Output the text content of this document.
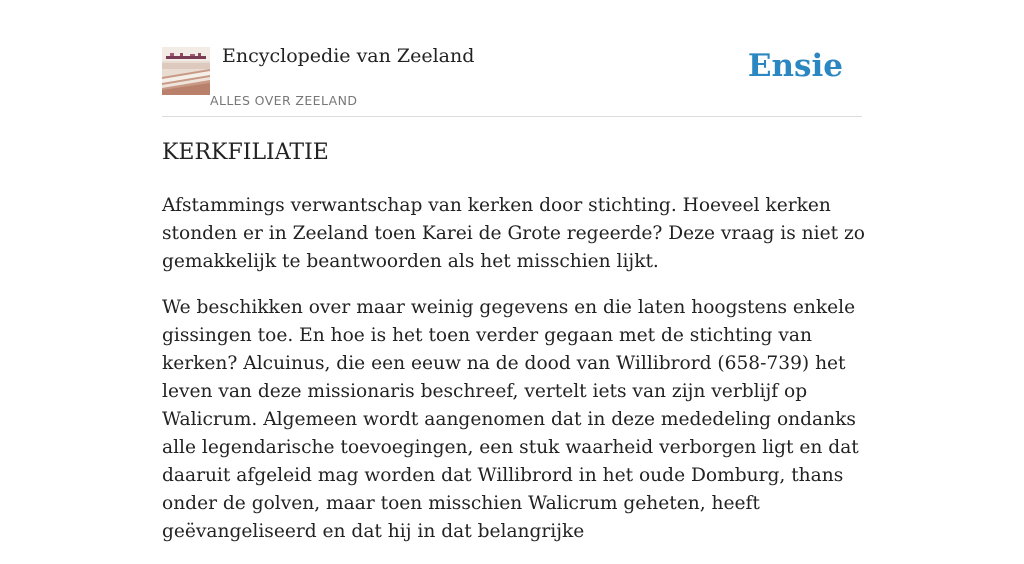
Encyclopedie van Zeeland
ALLES OVER ZEELAND
Ensie
KERKFILIATIE

Afstammings verwantschap van kerken door stichting. Hoeveel kerken stonden er in Zeeland toen Karei de Grote regeerde? Deze vraag is niet zo gemakkelijk te beantwoorden als het misschien lijkt.

We beschikken over maar weinig gegevens en die laten hoogstens enkele gissingen toe. En hoe is het toen verder gegaan met de stichting van kerken? Alcuinus, die een eeuw na de dood van Willibrord (658-739) het leven van deze missionaris beschreef, vertelt iets van zijn verblijf op Walicrum. Algemeen wordt aangenomen dat in deze mededeling ondanks alle legendarische toevoegingen, een stuk waarheid verborgen ligt en dat daaruit afgeleid mag worden dat Willibrord in het oude Domburg, thans onder de golven, maar toen misschien Walicrum geheten, heeft geëvangeliseerd en dat hij in dat belangrijke
